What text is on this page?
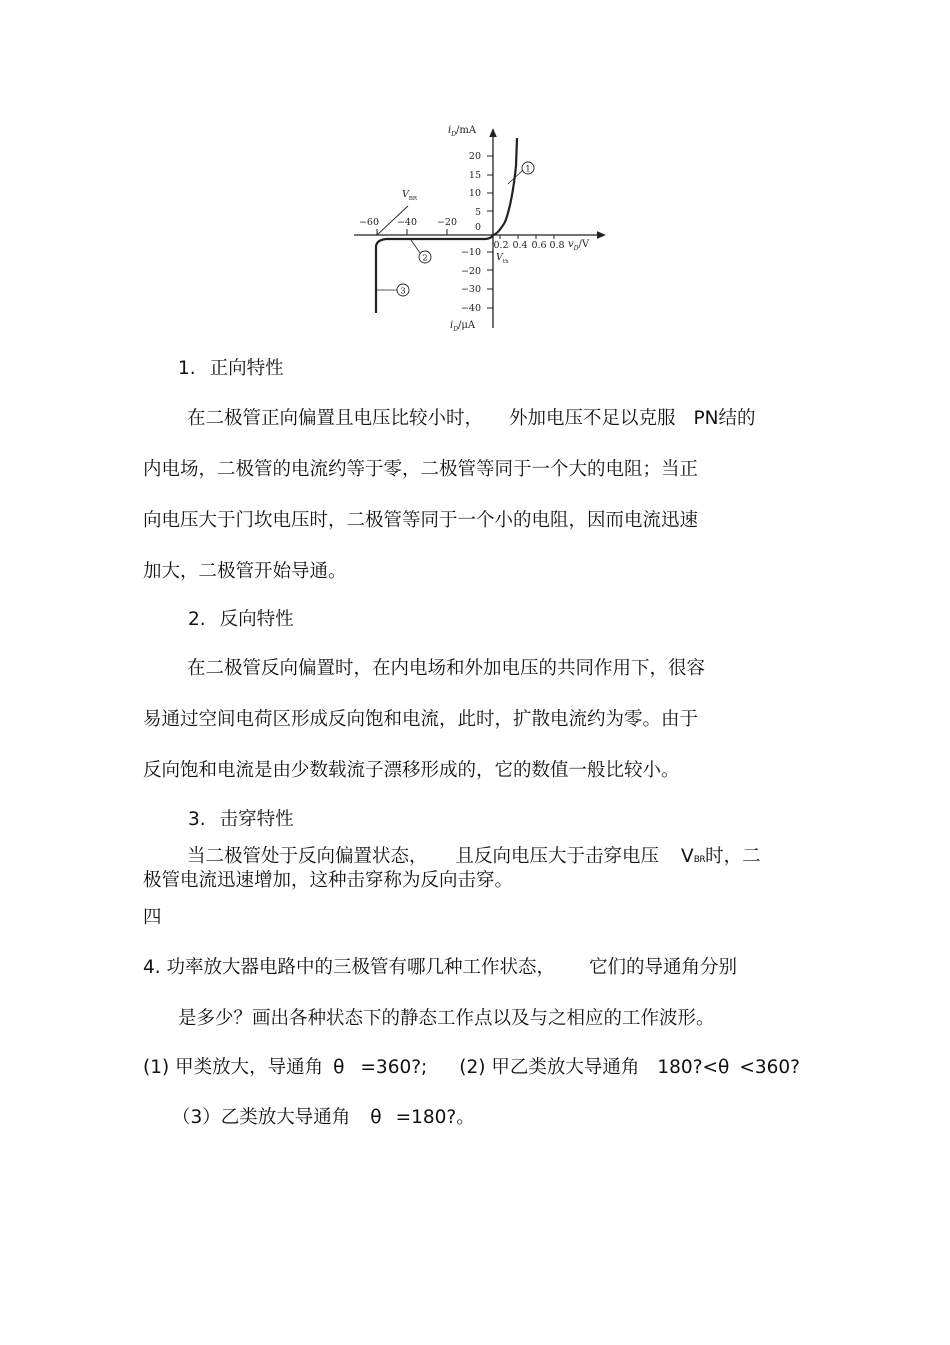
$i_D/mA$
$i_D/\mu A$
$v_D/V$
20
15
10
5
0
−10
−20
−30
−40
−60 −40 −20
0.2 0.4 0.6 0.8
$V_{BR}$
$V_{th}$
1
2
3
1. 正向特性
在二极管正向偏置且电压比较小时， 外加电压不足以克服 PN结的
内电场，二极管的电流约等于零，二极管等同于一个大的电阻；当正
向电压大于门坎电压时，二极管等同于一个小的电阻，因而电流迅速
加大，二极管开始导通。
2. 反向特性
在二极管反向偏置时，在内电场和外加电压的共同作用下，很容
易通过空间电荷区形成反向饱和电流，此时，扩散电流约为零。由于
反向饱和电流是由少数载流子漂移形成的，它的数值一般比较小。
3. 击穿特性
当二极管处于反向偏置状态， 且反向电压大于击穿电压 VBR时，二
极管电流迅速增加，这种击穿称为反向击穿。
四
4. 功率放大器电路中的三极管有哪几种工作状态， 它们的导通角分别
是多少？画出各种状态下的静态工作点以及与之相应的工作波形。
(1) 甲类放大，导通角 θ =360?; (2) 甲乙类放大导通角 180?<θ <360?
（3）乙类放大导通角 θ =180?。
